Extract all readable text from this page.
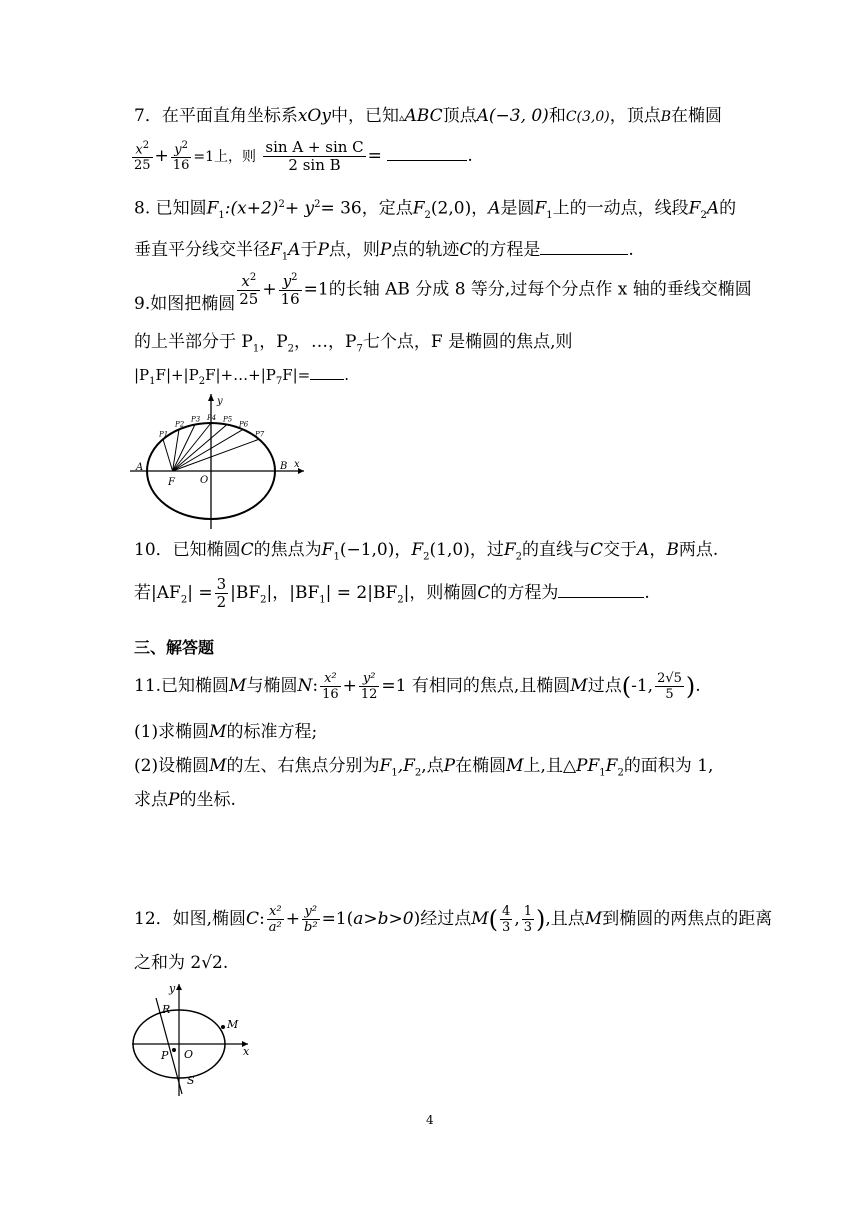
7．在平面直角坐标系xOy中，已知▵ABC顶点A(−3, 0)和C(3,0)，顶点B在椭圆
$\frac{x^2}{25} + \frac{y^2}{16} =1$上，则 $\frac{\text{sin A + sin C}}{\text{2 sin B}}$ =	.
8. 已知圆$F_1:(x+2)^2+ y^2= 36$，定点$F_2(2,0)$，A是圆$F_1$上的一动点，线段$F_2A$的
垂直平分线交半径$F_1A$于P点，则P点的轨迹C的方程是	.
9.如图把椭圆 $\frac{x^2}{25} + \frac{y^2}{16} =1$的长轴 AB 分成 8 等分,过每个分点作 x 轴的垂线交椭圆
的上半部分于 $P_1$，$P_2$，…，$P_7$七个点，F 是椭圆的焦点,则
$|P_1F|+|P_2F|+\dots+|P_7F|=$ .
A	B
F	O
x
y
P1
P2
P3 P4 P5
P6
P7
10．已知椭圆C的焦点为$F_1(-1,0)$，$F_2(1,0)$，过$F_2$的直线与C交于A，B两点.
若$|AF_2| = \frac{3}{2} |BF_2|$，$|BF_1| = 2|BF_2|$，则椭圆C的方程为	.
三、解答题
11.已知椭圆M与椭圆N: $\frac{\text{x²}}{16} + \frac{\text{y²}}{12} =1$ 有相同的焦点,且椭圆M过点(-1, $\frac{2√5}{5}$ ).
(1)求椭圆M的标准方程;
(2)设椭圆M的左、右焦点分别为$F_1,F_2$,点P在椭圆M上,且$\triangle PF_1F_2$的面积为 1,
求点P的坐标.
12．如图,椭圆C: $\frac{\text{x²}}{\text{a²}} + \frac{\text{y²}}{\text{b²}} =1(a>b>0)$经过点$M( \frac{4}{3}$ , $\frac{1}{3}$ ),且点M到椭圆的两焦点的距离
之和为 2√2.
R
M
P O
S
x
y
4
